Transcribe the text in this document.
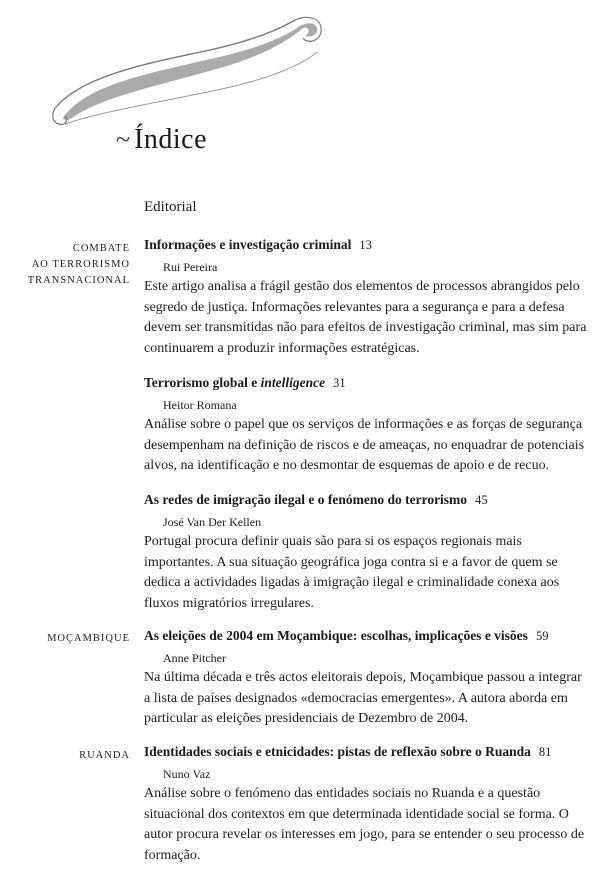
~ Índice
Editorial
COMBATE
AO TERRORISMO
TRANSNACIONAL

Informações e investigação criminal 13

Rui Pereira

Este artigo analisa a frágil gestão dos elementos de processos abrangidos pelo segredo de justiça. Informações relevantes para a segurança e para a defesa devem ser transmitidas não para efeitos de investigação criminal, mas sim para continuarem a produzir informações estratégicas.

Terrorismo global e intelligence 31

Heitor Romana

Análise sobre o papel que os serviços de informações e as forças de segurança desempenham na definição de riscos e de ameaças, no enquadrar de potenciais alvos, na identificação e no desmontar de esquemas de apoio e de recuo.

As redes de imigração ilegal e o fenómeno do terrorismo 45

José Van Der Kellen

Portugal procura definir quais são para si os espaços regionais mais importantes. A sua situação geográfica joga contra si e a favor de quem se dedica a actividades ligadas à imigração ilegal e criminalidade conexa aos fluxos migratórios irregulares.

MOÇAMBIQUE As eleições de 2004 em Moçambique: escolhas, implicações e visões 59

Anne Pitcher

Na última década e três actos eleitorais depois, Moçambique passou a integrar a lista de países designados «democracias emergentes». A autora aborda em particular as eleições presidenciais de Dezembro de 2004.

RUANDA Identidades sociais e etnicidades: pistas de reflexão sobre o Ruanda 81

Nuno Vaz

Análise sobre o fenómeno das entidades sociais no Ruanda e a questão situacional dos contextos em que determinada identidade social se forma. O autor procura revelar os interesses em jogo, para se entender o seu processo de formação.
